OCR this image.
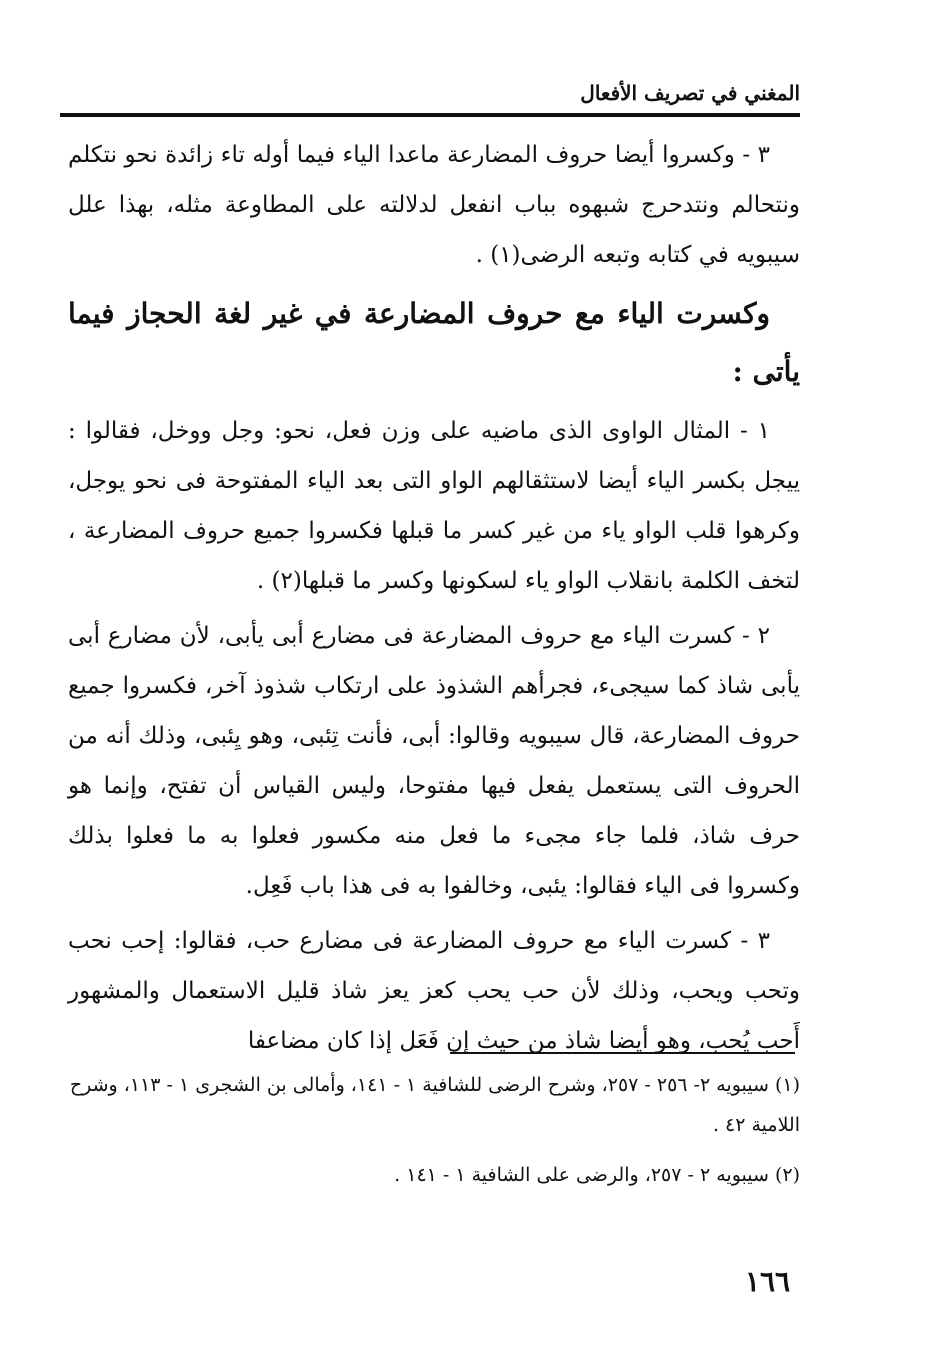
المغني في تصريف الأفعال

٣ - وكسروا أيضا حروف المضارعة ماعدا الياء فيما أوله تاء زائدة نحو نتكلم ونتحالم ونتدحرج شبهوه بباب انفعل لدلالته على المطاوعة مثله، بهذا علل سيبويه في كتابه وتبعه الرضى(١) .

وكسرت الياء مع حروف المضارعة في غير لغة الحجاز فيما يأتى :

١ - المثال الواوى الذى ماضيه على وزن فعل، نحو: وجل ووخل، فقالوا : ييجل بكسر الياء أيضا لاستثقالهم الواو التى بعد الياء المفتوحة فى نحو يوجل، وكرهوا قلب الواو ياء من غير كسر ما قبلها فكسروا جميع حروف المضارعة ، لتخف الكلمة بانقلاب الواو ياء لسكونها وكسر ما قبلها(٢) .

٢ - كسرت الياء مع حروف المضارعة فى مضارع أبى يأبى، لأن مضارع أبى يأبى شاذ كما سيجىء، فجرأهم الشذوذ على ارتكاب شذوذ آخر، فكسروا جميع حروف المضارعة، قال سيبويه وقالوا: أبى، فأنت تِئبى، وهو يِئبى، وذلك أنه من الحروف التى يستعمل يفعل فيها مفتوحا، وليس القياس أن تفتح، وإنما هو حرف شاذ، فلما جاء مجىء ما فعل منه مكسور فعلوا به ما فعلوا بذلك وكسروا فى الياء فقالوا: يئبى، وخالفوا به فى هذا باب فَعِل.

٣ - كسرت الياء مع حروف المضارعة فى مضارع حب، فقالوا: إحب نحب وتحب ويحب، وذلك لأن حب يحب كعز يعز شاذ قليل الاستعمال والمشهور أَحب يُحب، وهو أيضا شاذ من حيث إن فَعَل إذا كان مضاعفا

(١) سيبويه ٢- ٢٥٦ - ٢٥٧، وشرح الرضى للشافية ١ - ١٤١، وأمالى بن الشجرى ١ - ١١٣، وشرح اللامية ٤٢ .

(٢) سيبويه ٢ - ٢٥٧، والرضى على الشافية ١ - ١٤١ .

١٦٦
